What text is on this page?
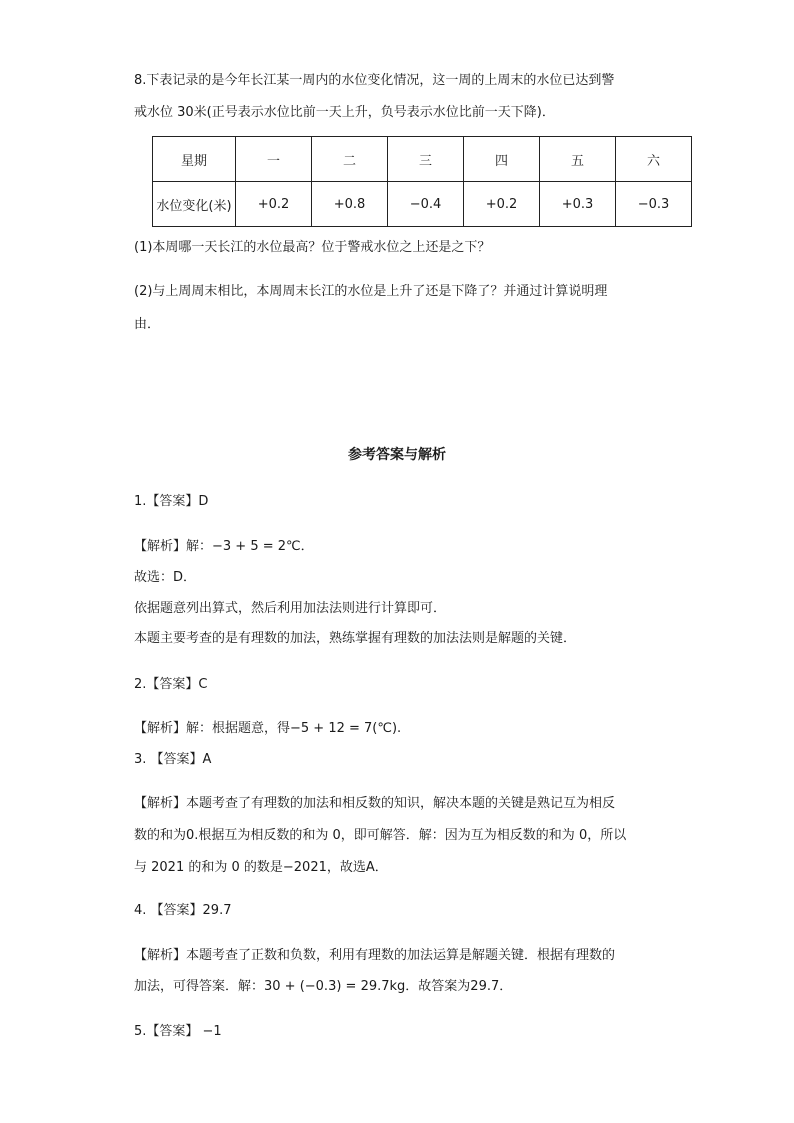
8.下表记录的是今年长江某一周内的水位变化情况，这一周的上周末的水位已达到警
戒水位 30米(正号表示水位比前一天上升，负号表示水位比前一天下降)．
星期	一	二	三	四	五	六
水位变化(米)	+0.2	+0.8	−0.4	+0.2	+0.3	−0.3
(1)本周哪一天长江的水位最高？位于警戒水位之上还是之下？
(2)与上周周末相比，本周周末长江的水位是上升了还是下降了？并通过计算说明理
由．
参考答案与解析
1.【答案】D
【解析】解：−3 + 5 = 2℃．
故选：D．
依据题意列出算式，然后利用加法法则进行计算即可．
本题主要考查的是有理数的加法，熟练掌握有理数的加法法则是解题的关键．
2.【答案】C
【解析】解：根据题意，得−5 + 12 = 7(℃).
3. 【答案】A
【解析】本题考查了有理数的加法和相反数的知识，解决本题的关键是熟记互为相反
数的和为0.根据互为相反数的和为 0，即可解答．解：因为互为相反数的和为 0，所以
与 2021 的和为 0 的数是−2021，故选A．
4. 【答案】29.7
【解析】本题考查了正数和负数，利用有理数的加法运算是解题关键．根据有理数的
加法，可得答案．解：30 + (−0.3) = 29.7kg．故答案为29.7．
5.【答案】 −1
